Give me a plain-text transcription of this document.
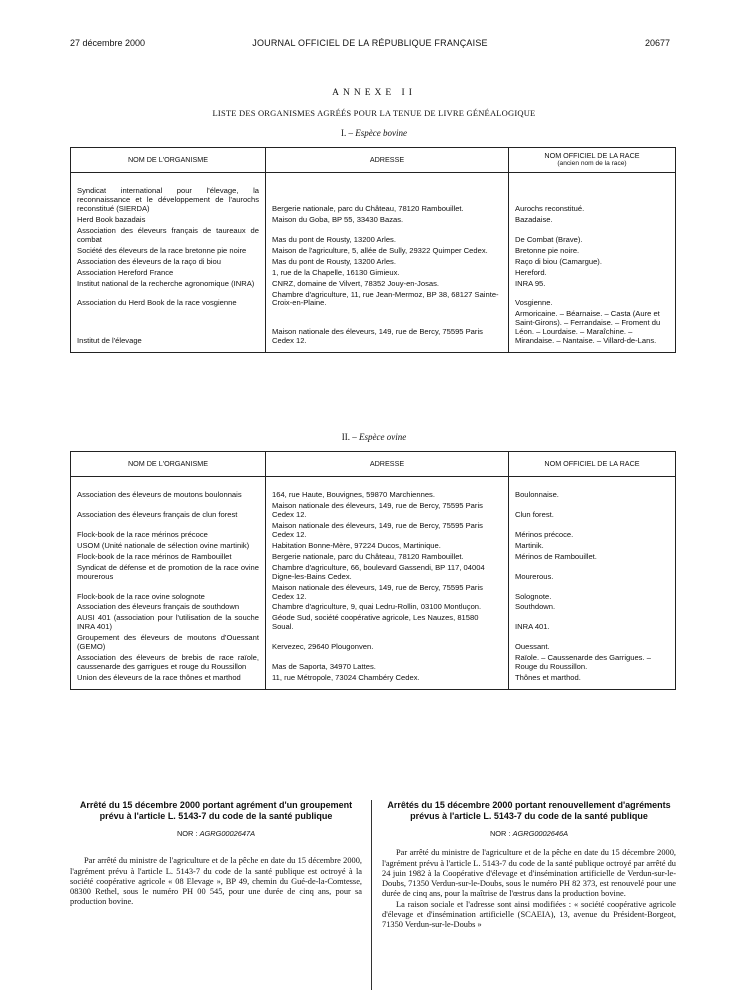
27 décembre 2000	JOURNAL OFFICIEL DE LA RÉPUBLIQUE FRANÇAISE	20677
ANNEXE II
LISTE DES ORGANISMES AGRÉÉS POUR LA TENUE DE LIVRE GÉNÉALOGIQUE
I. – Espèce bovine
NOM DE L'ORGANISME	ADRESSE	NOM OFFICIEL DE LA RACE
(ancien nom de la race)

Syndicat international pour l'élevage, la reconnaissance et le développement de l'aurochs reconstitué (SIERDA)	Bergerie nationale, parc du Château, 78120 Rambouillet.	Aurochs reconstitué.
Herd Book bazadais	Maison du Goba, BP 55, 33430 Bazas.	Bazadaise.
Association des éleveurs français de taureaux de combat	Mas du pont de Rousty, 13200 Arles.	De Combat (Brave).
Société des éleveurs de la race bretonne pie noire	Maison de l'agriculture, 5, allée de Sully, 29322 Quimper Cedex.	Bretonne pie noire.
Association des éleveurs de la raço di biou	Mas du pont de Rousty, 13200 Arles.	Raço di biou (Camargue).
Association Hereford France	1, rue de la Chapelle, 16130 Gimieux.	Hereford.
Institut national de la recherche agronomique (INRA)	CNRZ, domaine de Vilvert, 78352 Jouy-en-Josas.	INRA 95.
Association du Herd Book de la race vosgienne	Chambre d'agriculture, 11, rue Jean-Mermoz, BP 38, 68127 Sainte-Croix-en-Plaine.	Vosgienne.
Institut de l'élevage	Maison nationale des éleveurs, 149, rue de Bercy, 75595 Paris Cedex 12.	Armoricaine. – Béarnaise. – Casta (Aure et Saint-Girons). – Ferrandaise. – Froment du Léon. – Lourdaise. – Maraîchine. – Mirandaise. – Nantaise. – Villard-de-Lans.
II. – Espèce ovine
NOM DE L'ORGANISME	ADRESSE	NOM OFFICIEL DE LA RACE
Association des éleveurs de moutons boulonnais	164, rue Haute, Bouvignes, 59870 Marchiennes.	Boulonnaise.
Association des éleveurs français de clun forest	Maison nationale des éleveurs, 149, rue de Bercy, 75595 Paris Cedex 12.	Clun forest.
Flock-book de la race mérinos précoce	Maison nationale des éleveurs, 149, rue de Bercy, 75595 Paris Cedex 12.	Mérinos précoce.
USOM (Unité nationale de sélection ovine martinik)	Habitation Bonne-Mère, 97224 Ducos, Martinique.	Martinik.
Flock-book de la race mérinos de Rambouillet	Bergerie nationale, parc du Château, 78120 Rambouillet.	Mérinos de Rambouillet.
Syndicat de défense et de promotion de la race ovine mourerous	Chambre d'agriculture, 66, boulevard Gassendi, BP 117, 04004 Digne-les-Bains Cedex.	Mourerous.
Flock-book de la race ovine solognote	Maison nationale des éleveurs, 149, rue de Bercy, 75595 Paris Cedex 12.	Solognote.
Association des éleveurs français de southdown	Chambre d'agriculture, 9, quai Ledru-Rollin, 03100 Montluçon.	Southdown.
AUSI 401 (association pour l'utilisation de la souche INRA 401)	Géode Sud, société coopérative agricole, Les Nauzes, 81580 Soual.	INRA 401.
Groupement des éleveurs de moutons d'Ouessant (GEMO)	Kervezec, 29640 Plougonven.	Ouessant.
Association des éleveurs de brebis de race raïole, caussenarde des garrigues et rouge du Roussillon	Mas de Saporta, 34970 Lattes.	Raïole. – Caussenarde des Garrigues. – Rouge du Roussillon.
Union des éleveurs de la race thônes et marthod	11, rue Métropole, 73024 Chambéry Cedex.	Thônes et marthod.

Arrêté du 15 décembre 2000 portant agrément d'un groupement prévu à l'article L. 5143-7 du code de la santé publique

NOR : AGRG0002647A

Par arrêté du ministre de l'agriculture et de la pêche en date du 15 décembre 2000, l'agrément prévu à l'article L. 5143-7 du code de la santé publique est octroyé à la société coopérative agricole « 08 Elevage », BP 49, chemin du Gué-de-la-Comtesse, 08300 Rethel, sous le numéro PH 00 545, pour une durée de cinq ans, pour sa production bovine.

Arrêtés du 15 décembre 2000 portant renouvellement d'agréments prévus à l'article L. 5143-7 du code de la santé publique

NOR : AGRG0002646A

Par arrêté du ministre de l'agriculture et de la pêche en date du 15 décembre 2000, l'agrément prévu à l'article L. 5143-7 du code de la santé publique octroyé par arrêté du 24 juin 1982 à la Coopérative d'élevage et d'insémination artificielle de Verdun-sur-le-Doubs, 71350 Verdun-sur-le-Doubs, sous le numéro PH 82 373, est renouvelé pour une durée de cinq ans, pour la maîtrise de l'œstrus dans la production bovine.

La raison sociale et l'adresse sont ainsi modifiées : « société coopérative agricole d'élevage et d'insémination artificielle (SCAEIA), 13, avenue du Président-Borgeot, 71350 Verdun-sur-le-Doubs »
